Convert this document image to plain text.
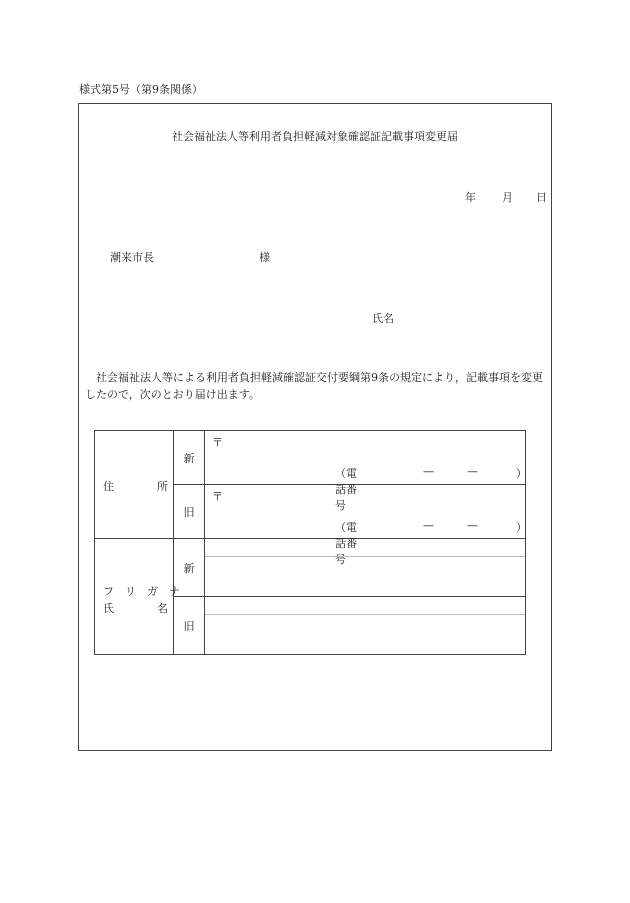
様式第5号（第9条関係）
社会福祉法人等利用者負担軽減対象確認証記載事項変更届
年 月 日
潮来市長	様
氏名
　社会福祉法人等による利用者負担軽減確認証交付要綱第9条の規定により，記載事項を変更したので，次のとおり届け出ます。
住 所	新	〒
（電話番号
— — ）

	旧	〒
（電話番号
— — ）

フ　リ　ガ　ナ
氏 名	新	

	旧	
